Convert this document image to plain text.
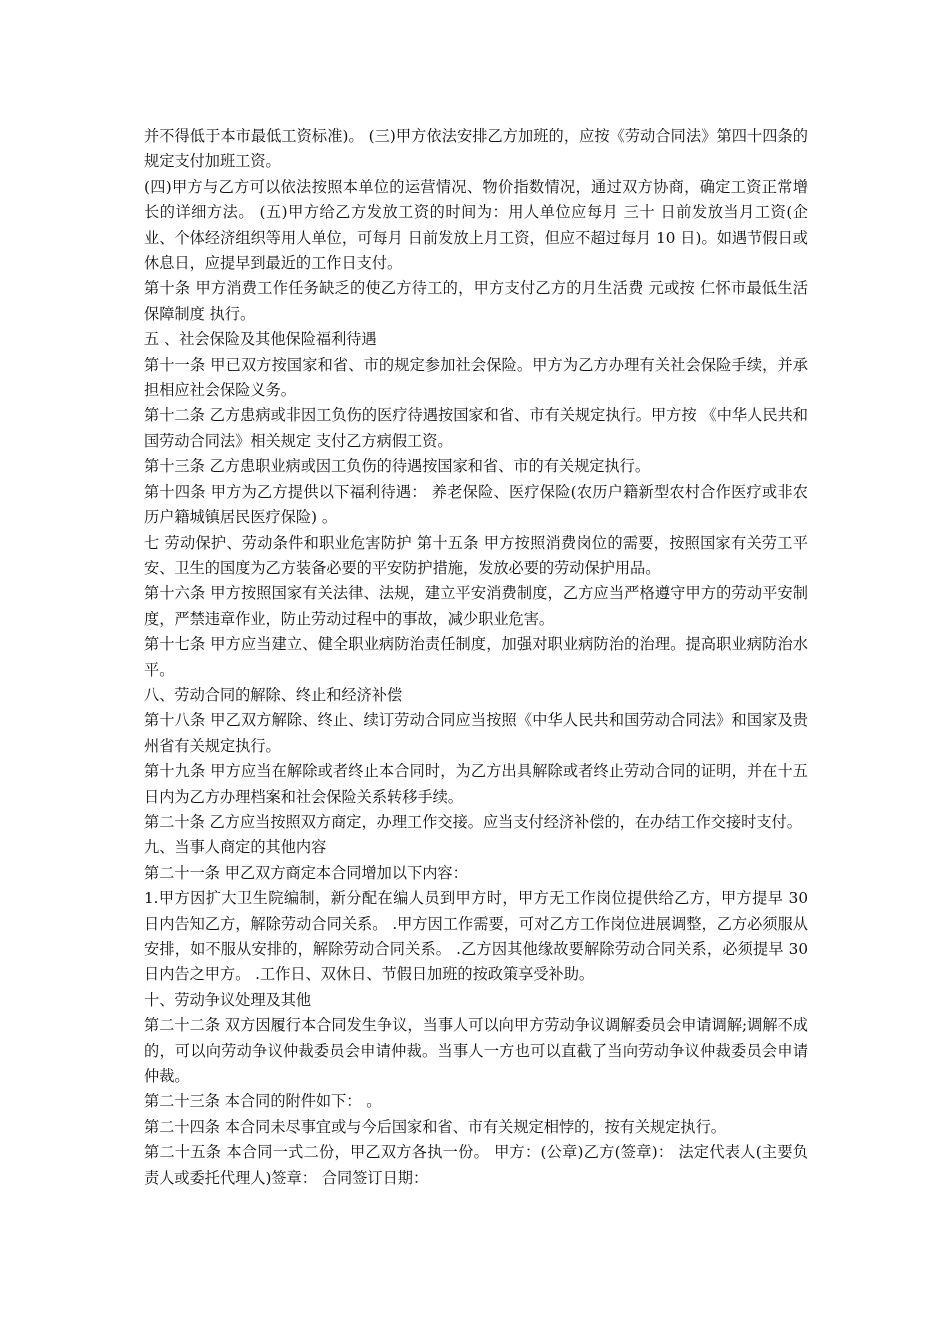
并不得低于本市最低工资标准)。 (三)甲方依法安排乙方加班的，应按《劳动合同法》第四十四条的规定支付加班工资。

(四)甲方与乙方可以依法按照本单位的运营情况、物价指数情况，通过双方协商，确定工资正常增长的详细方法。 (五)甲方给乙方发放工资的时间为：用人单位应每月 三十 日前发放当月工资(企业、个体经济组织等用人单位，可每月 日前发放上月工资，但应不超过每月 10 日)。如遇节假日或休息日，应提早到最近的工作日支付。

第十条 甲方消费工作任务缺乏的使乙方待工的，甲方支付乙方的月生活费 元或按 仁怀市最低生活保障制度 执行。

五 、社会保险及其他保险福利待遇

第十一条 甲已双方按国家和省、市的规定参加社会保险。甲方为乙方办理有关社会保险手续，并承担相应社会保险义务。

第十二条 乙方患病或非因工负伤的医疗待遇按国家和省、市有关规定执行。甲方按 《中华人民共和国劳动合同法》相关规定 支付乙方病假工资。

第十三条 乙方患职业病或因工负伤的待遇按国家和省、市的有关规定执行。

第十四条 甲方为乙方提供以下福利待遇： 养老保险、医疗保险(农历户籍新型农村合作医疗或非农历户籍城镇居民医疗保险) 。

七 劳动保护、劳动条件和职业危害防护 第十五条 甲方按照消费岗位的需要，按照国家有关劳工平安、卫生的国度为乙方装备必要的平安防护措施，发放必要的劳动保护用品。

第十六条 甲方按照国家有关法律、法规，建立平安消费制度，乙方应当严格遵守甲方的劳动平安制度，严禁违章作业，防止劳动过程中的事故，减少职业危害。

第十七条 甲方应当建立、健全职业病防治责任制度，加强对职业病防治的治理。提高职业病防治水平。

八、劳动合同的解除、终止和经济补偿

第十八条 甲乙双方解除、终止、续订劳动合同应当按照《中华人民共和国劳动合同法》和国家及贵州省有关规定执行。

第十九条 甲方应当在解除或者终止本合同时，为乙方出具解除或者终止劳动合同的证明，并在十五日内为乙方办理档案和社会保险关系转移手续。

第二十条 乙方应当按照双方商定，办理工作交接。应当支付经济补偿的，在办结工作交接时支付。

九、当事人商定的其他内容

第二十一条 甲乙双方商定本合同增加以下内容：

1.甲方因扩大卫生院编制，新分配在编人员到甲方时，甲方无工作岗位提供给乙方，甲方提早 30 日内告知乙方，解除劳动合同关系。 .甲方因工作需要，可对乙方工作岗位进展调整，乙方必须服从安排，如不服从安排的，解除劳动合同关系。 .乙方因其他缘故要解除劳动合同关系，必须提早 30 日内告之甲方。 .工作日、双休日、节假日加班的按政策享受补助。

十、劳动争议处理及其他

第二十二条 双方因履行本合同发生争议，当事人可以向甲方劳动争议调解委员会申请调解;调解不成的，可以向劳动争议仲裁委员会申请仲裁。当事人一方也可以直截了当向劳动争议仲裁委员会申请仲裁。

第二十三条 本合同的附件如下： 。

第二十四条 本合同未尽事宜或与今后国家和省、市有关规定相悖的，按有关规定执行。

第二十五条 本合同一式二份，甲乙双方各执一份。 甲方：(公章)乙方(签章)： 法定代表人(主要负责人或委托代理人)签章： 合同签订日期：
